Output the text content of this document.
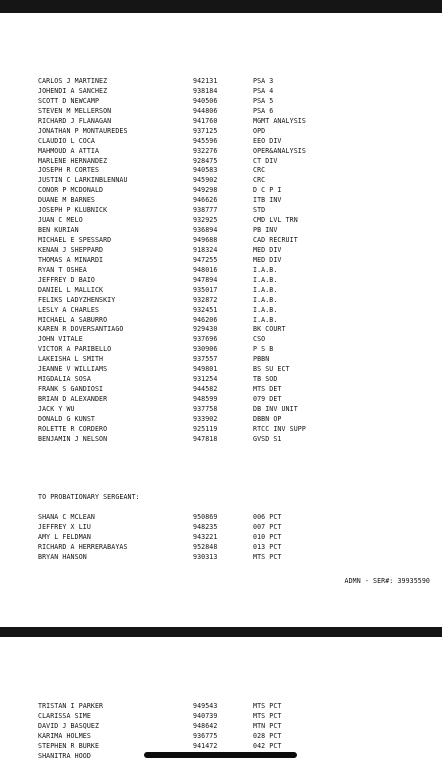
CARLOS J MARTINEZ	942131	PSA 3
JOHENDI A SANCHEZ	938184	PSA 4
SCOTT D NEWCAMP	940506	PSA 5
STEVEN M MELLERSON	944806	PSA 6
RICHARD J FLANAGAN	941760	MGMT ANALYSIS
JONATHAN P MONTAUREDES	937125	OPD
CLAUDIO L COCA	945596	EEO DIV
MAHMOUD A ATTIA	932276	OPER&ANALYSIS
MARLENE HERNANDEZ	928475	CT DIV
JOSEPH R CORTES	940583	CRC
JUSTIN C LARKINBLENNAU	945902	CRC
CONOR P MCDONALD	949298	D C P I
DUANE M BARNES	946626	ITB INV
JOSEPH P KLUBNICK	938777	STD
JUAN C MELO	932925	CMD LVL TRN
BEN KURIAN	936894	PB INV
MICHAEL E SPESSARD	949688	CAD RECRUIT
KENAN J SHEPPARD	918324	MED DIV
THOMAS A MINARDI	947255	MED DIV
RYAN T OSHEA	948016	I.A.B.
JEFFREY D BAIO	947894	I.A.B.
DANIEL L MALLICK	935017	I.A.B.
FELIKS LADYZHENSKIY	932872	I.A.B.
LESLY A CHARLES	932451	I.A.B.
MICHAEL A SABURRO	946206	I.A.B.
KAREN R DOVERSANTIAGO	929430	BK COURT
JOHN VITALE	937696	CSO
VICTOR A PARIBELLO	930906	P S B
LAKEISHA L SMITH	937557	PBBN
JEANNE V WILLIAMS	949801	BS SU ECT
MIGDALIA SOSA	931254	TB SOD
FRANK S GANDIOSI	944582	MTS DET
BRIAN D ALEXANDER	948599	079 DET
JACK Y WU	937758	DB INV UNIT
DONALD G KUNST	933902	DBBN OP
ROLETTE R CORDERO	925119	RTCC INV SUPP
BENJAMIN J NELSON	947818	GVSD S1
TO PROBATIONARY SERGEANT:
SHANA C MCLEAN	950869	006 PCT
JEFFREY X LIU	948235	007 PCT
AMY L FELDMAN	943221	010 PCT
RICHARD A HERRERABAYAS	952848	013 PCT
BRYAN HANSON	930313	MTS PCT
ADMN - SER#: 39935590
TRISTAN I PARKER	949543	MTS PCT
CLARISSA SIME	940739	MTS PCT
DAVID J BASQUEZ	948642	MTN PCT
KARIMA HOLMES	936775	028 PCT
STEPHEN R BURKE	941472	042 PCT
SHANITRA HOOD
